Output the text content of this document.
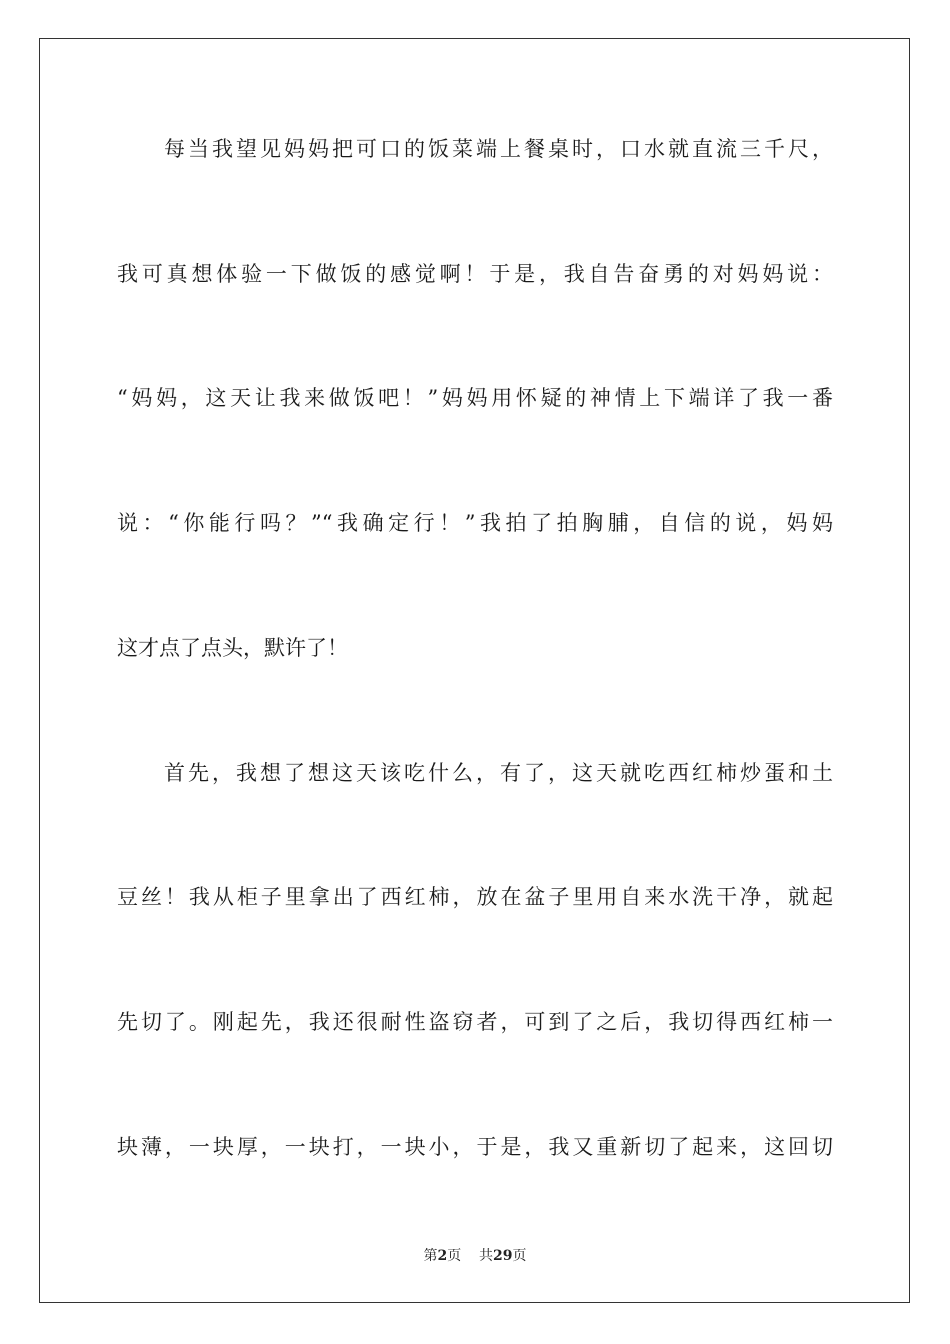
每当我望见妈妈把可口的饭菜端上餐桌时，口水就直流三千尺，
我可真想体验一下做饭的感觉啊！于是，我自告奋勇的对妈妈说：
“妈妈，这天让我来做饭吧！”妈妈用怀疑的神情上下端详了我一番
说：“你能行吗？”“我确定行！”我拍了拍胸脯，自信的说，妈妈
这才点了点头，默许了！
首先，我想了想这天该吃什么，有了，这天就吃西红柿炒蛋和土
豆丝！我从柜子里拿出了西红柿，放在盆子里用自来水洗干净，就起
先切了。刚起先，我还很耐性盗窃者，可到了之后，我切得西红柿一
块薄，一块厚，一块打，一块小，于是，我又重新切了起来，这回切
第2页 共29页
